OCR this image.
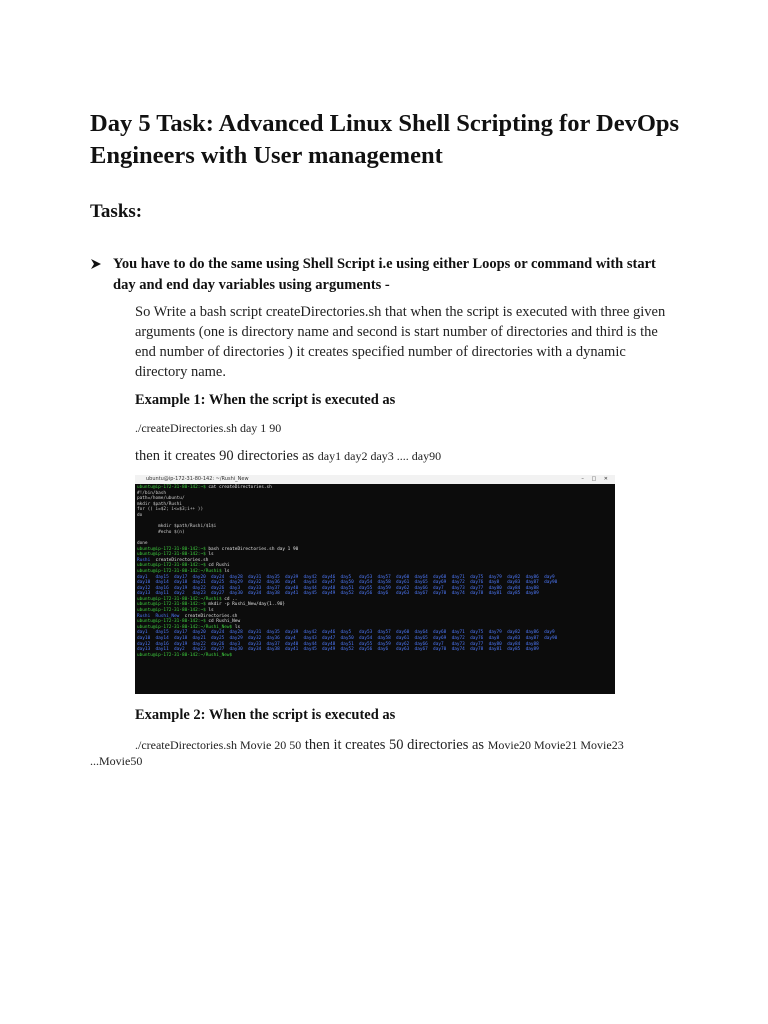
Day 5 Task: Advanced Linux Shell Scripting for DevOps Engineers with User management
Tasks:
You have to do the same using Shell Script i.e using either Loops or command with start day and end day variables using arguments -

So Write a bash script createDirectories.sh that when the script is executed with three given arguments (one is directory name and second is start number of directories and third is the end number of directories ) it creates specified number of directories with a dynamic directory name.

Example 1: When the script is executed as

./createDirectories.sh day 1 90
then it creates 90 directories as day1 day2 day3 .... day90
ubuntu@ip-172-31-80-142: ~/Rushi_New	– □ ✕
ubuntu@ip-172-31-80-142:~$ cat createDirectories.sh
#!/bin/bash
path=/home/ubuntu/
mkdir $path/Rushi
for (( i=$2; i<=$3;i++ ))
do
mkdir $path/Rushi/$1$i
#echo $(n)
done
ubuntu@ip-172-31-80-142:~$ bash createDirectories.sh day 1 90
ubuntu@ip-172-31-80-142:~$ ls
Rushi  createDirectories.sh
ubuntu@ip-172-31-80-142:~$ cd Rushi
ubuntu@ip-172-31-80-142:~/Rushi$ ls
day1   day15  day17  day20  day24  day28  day31  day35  day39  day42  day46  day5   day53  day57  day60  day64  day68  day71  day75  day79  day82  day86  day9
day10  day14  day18  day21  day25  day29  day32  day36  day4   day43  day47  day50  day54  day58  day61  day65  day69  day72  day76  day8   day83  day87  day90
day12  day16  day19  day22  day26  day3   day33  day37  day40  day44  day48  day51  day55  day59  day62  day66  day7   day73  day77  day80  day84  day88
day13  day11  day2   day23  day27  day30  day34  day38  day41  day45  day49  day52  day56  day6   day63  day67  day70  day74  day78  day81  day85  day89
ubuntu@ip-172-31-80-142:~/Rushi$ cd ..
ubuntu@ip-172-31-80-142:~$ mkdir -p Rushi_New/day{1..90}
ubuntu@ip-172-31-80-142:~$ ls
Rushi  Rushi_New  createDirectories.sh
ubuntu@ip-172-31-80-142:~$ cd Rushi_New
ubuntu@ip-172-31-80-142:~/Rushi_New$ ls
day1   day15  day17  day20  day24  day28  day31  day35  day39  day42  day46  day5   day53  day57  day60  day64  day68  day71  day75  day79  day82  day86  day9
day10  day14  day18  day21  day25  day29  day32  day36  day4   day43  day47  day50  day54  day58  day61  day65  day69  day72  day76  day8   day83  day87  day90
day12  day16  day19  day22  day26  day3   day33  day37  day40  day44  day48  day51  day55  day59  day62  day66  day7   day73  day77  day80  day84  day88
day13  day11  day2   day23  day27  day30  day34  day38  day41  day45  day49  day52  day56  day6   day63  day67  day70  day74  day78  day81  day85  day89
ubuntu@ip-172-31-80-142:~/Rushi_New$

Example 2: When the script is executed as

./createDirectories.sh Movie 20 50 then it creates 50 directories as Movie20 Movie21 Movie23
...Movie50
